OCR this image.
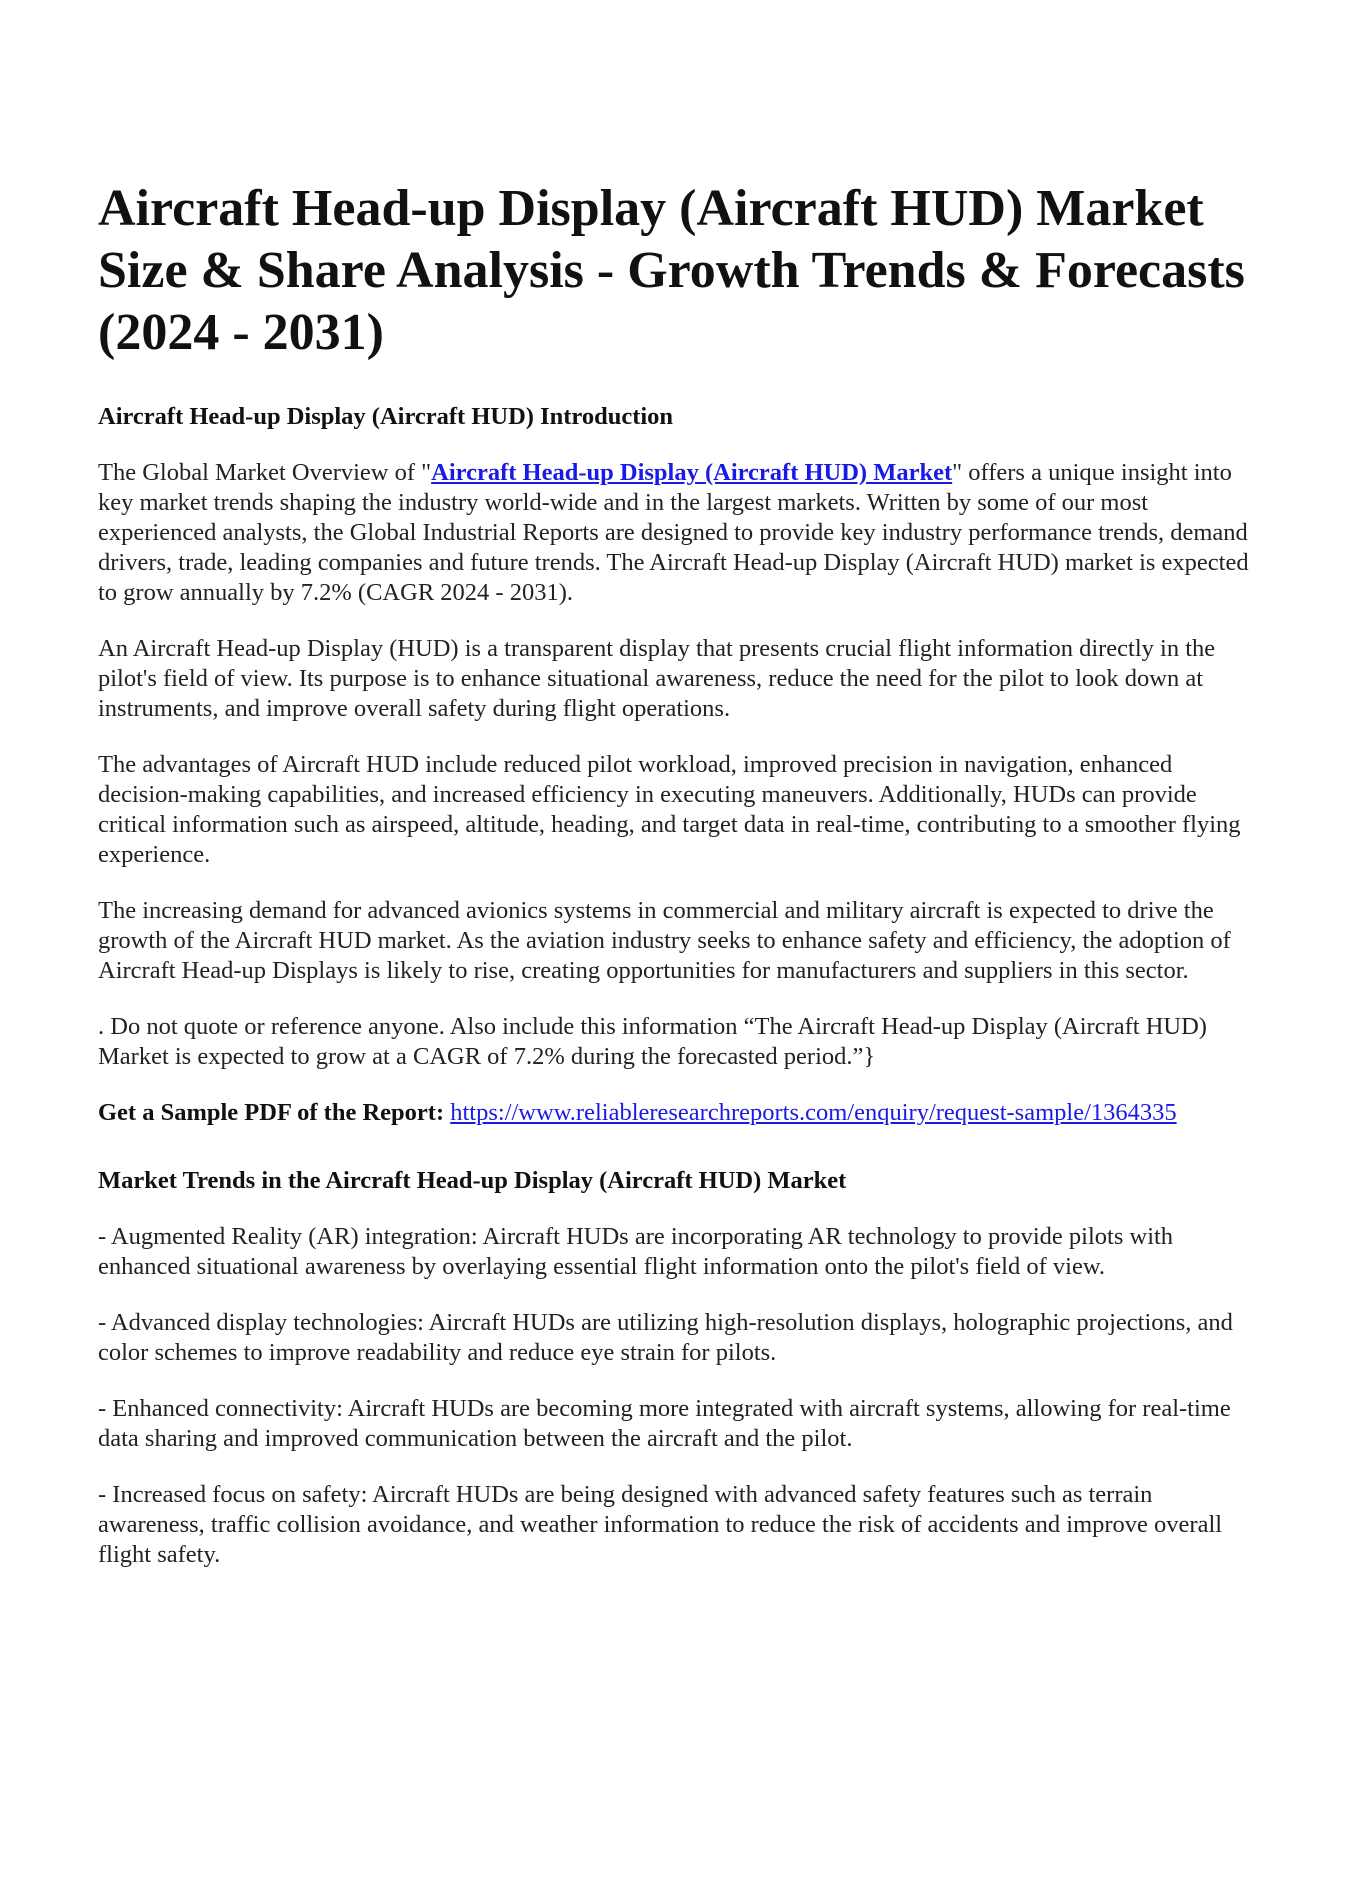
Aircraft Head-up Display (Aircraft HUD) Market Size & Share Analysis - Growth Trends & Forecasts (2024 - 2031)
Aircraft Head-up Display (Aircraft HUD) Introduction

The Global Market Overview of "Aircraft Head-up Display (Aircraft HUD) Market" offers a unique insight into key market trends shaping the industry world-wide and in the largest markets. Written by some of our most experienced analysts, the Global Industrial Reports are designed to provide key industry performance trends, demand drivers, trade, leading companies and future trends. The Aircraft Head-up Display (Aircraft HUD) market is expected to grow annually by 7.2% (CAGR 2024 - 2031).

An Aircraft Head-up Display (HUD) is a transparent display that presents crucial flight information directly in the pilot's field of view. Its purpose is to enhance situational awareness, reduce the need for the pilot to look down at instruments, and improve overall safety during flight operations.

The advantages of Aircraft HUD include reduced pilot workload, improved precision in navigation, enhanced decision-making capabilities, and increased efficiency in executing maneuvers. Additionally, HUDs can provide critical information such as airspeed, altitude, heading, and target data in real-time, contributing to a smoother flying experience.

The increasing demand for advanced avionics systems in commercial and military aircraft is expected to drive the growth of the Aircraft HUD market. As the aviation industry seeks to enhance safety and efficiency, the adoption of Aircraft Head-up Displays is likely to rise, creating opportunities for manufacturers and suppliers in this sector.

. Do not quote or reference anyone. Also include this information “The Aircraft Head-up Display (Aircraft HUD) Market is expected to grow at a CAGR of 7.2% during the forecasted period.”}

Get a Sample PDF of the Report: https://www.reliableresearchreports.com/enquiry/request-sample/1364335

Market Trends in the Aircraft Head-up Display (Aircraft HUD) Market

- Augmented Reality (AR) integration: Aircraft HUDs are incorporating AR technology to provide pilots with enhanced situational awareness by overlaying essential flight information onto the pilot's field of view.

- Advanced display technologies: Aircraft HUDs are utilizing high-resolution displays, holographic projections, and color schemes to improve readability and reduce eye strain for pilots.

- Enhanced connectivity: Aircraft HUDs are becoming more integrated with aircraft systems, allowing for real-time data sharing and improved communication between the aircraft and the pilot.

- Increased focus on safety: Aircraft HUDs are being designed with advanced safety features such as terrain awareness, traffic collision avoidance, and weather information to reduce the risk of accidents and improve overall flight safety.
